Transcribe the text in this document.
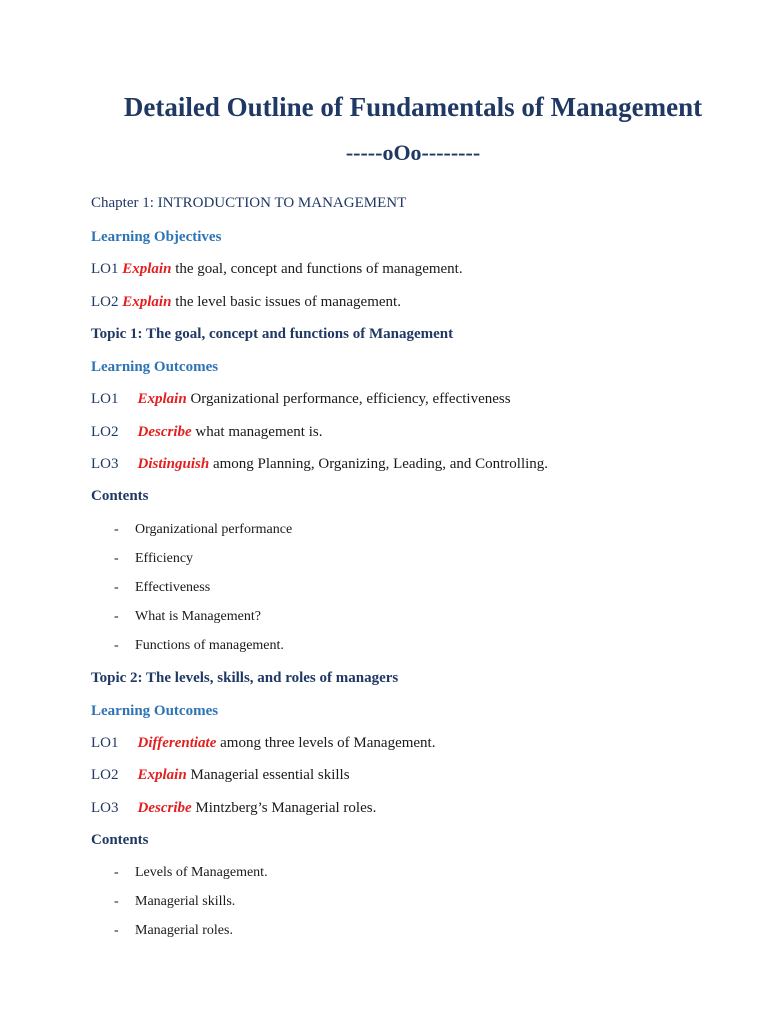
Detailed Outline of Fundamentals of Management
-----oOo--------
Chapter 1: INTRODUCTION TO MANAGEMENT
Learning Objectives
LO1 Explain the goal, concept and functions of management.
LO2 Explain the level basic issues of management.
Topic 1: The goal, concept and functions of Management
Learning Outcomes
LO1 Explain Organizational performance, efficiency, effectiveness
LO2 Describe what management is.
LO3 Distinguish among Planning, Organizing, Leading, and Controlling.
Contents
- Organizational performance
- Efficiency
- Effectiveness
- What is Management?
- Functions of management.
Topic 2: The levels, skills, and roles of managers
Learning Outcomes
LO1 Differentiate among three levels of Management.
LO2 Explain Managerial essential skills
LO3 Describe Mintzberg’s Managerial roles.
Contents
- Levels of Management.
- Managerial skills.
- Managerial roles.
